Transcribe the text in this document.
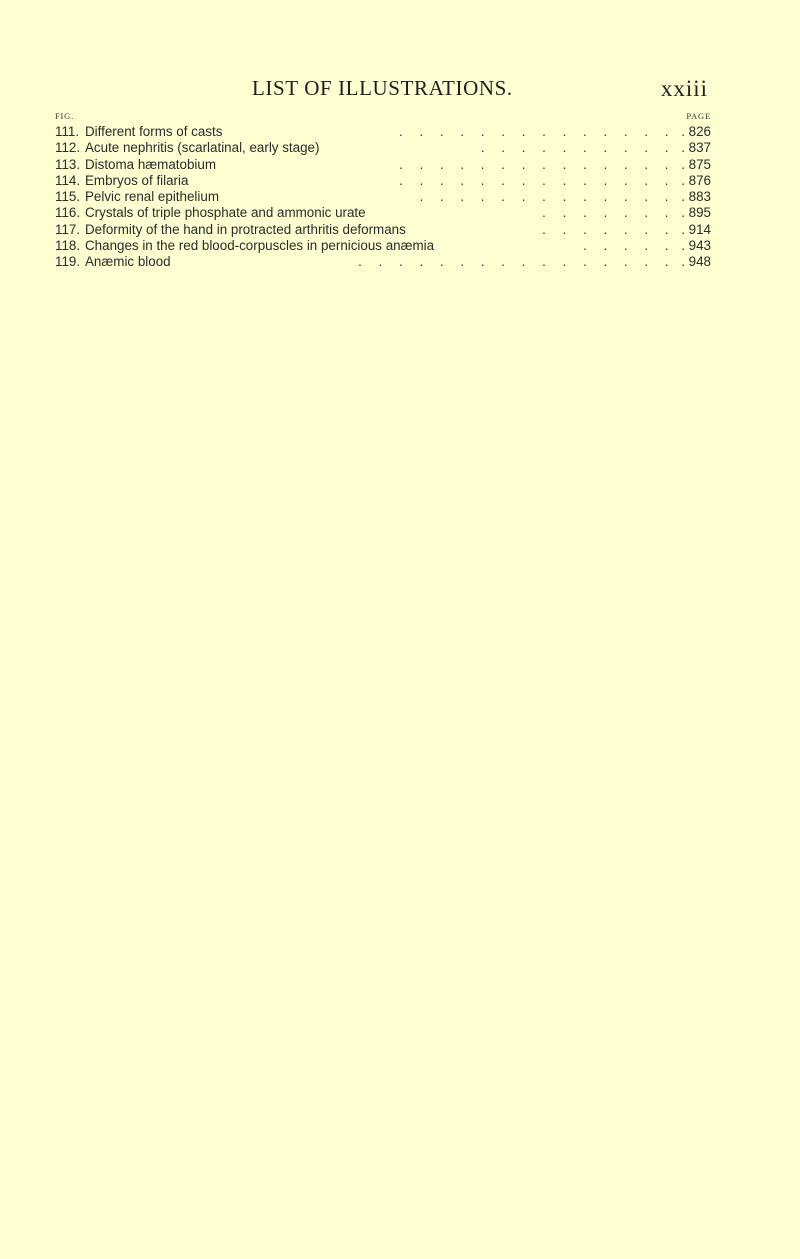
LIST OF ILLUSTRATIONS.	xxiii
FIG.	PAGE
111. Different forms of casts	. . . . . . . . . . . . . . . 826
112. Acute nephritis (scarlatinal, early stage)	. . . . . . . . . . . 837
113. Distoma hæmatobium	. . . . . . . . . . . . . . . 875
114. Embryos of filaria	. . . . . . . . . . . . . . . 876
115. Pelvic renal epithelium	. . . . . . . . . . . . . . 883
116. Crystals of triple phosphate and ammonic urate	. . . . . . . . 895
117. Deformity of the hand in protracted arthritis deformans	. . . . . . . . 914
118. Changes in the red blood-corpuscles in pernicious anæmia	. . . . . . 943
119. Anæmic blood	. . . . . . . . . . . . . . . . . 948
